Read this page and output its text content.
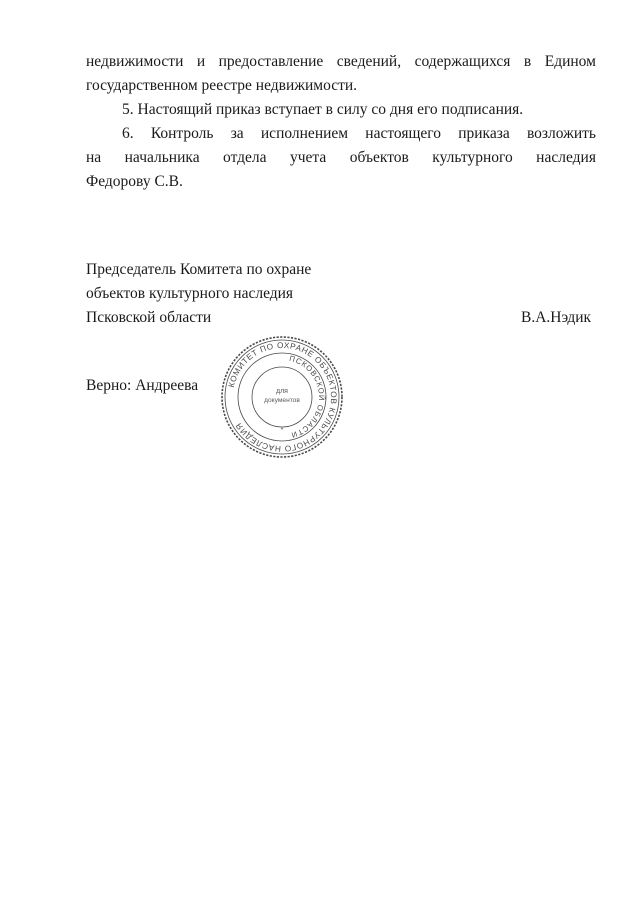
недвижимости и предоставление сведений, содержащихся в Едином
государственном реестре недвижимости.
5. Настоящий приказ вступает в силу со дня его подписания.
6. Контроль за исполнением настоящего приказа возложить
на начальника отдела учета объектов культурного наследия
Федорову С.В.
Председатель Комитета по охране
объектов культурного наследия
Псковской области	В.А.Нэдик
Верно: Андреева	КОМИТЕТ ПО ОХРАНЕ ОБЪЕКТОВ КУЛЬТУРНОГО НАСЛЕДИЯ
ПСКОВСКОЙ ОБЛАСТИ
для
документов
*
